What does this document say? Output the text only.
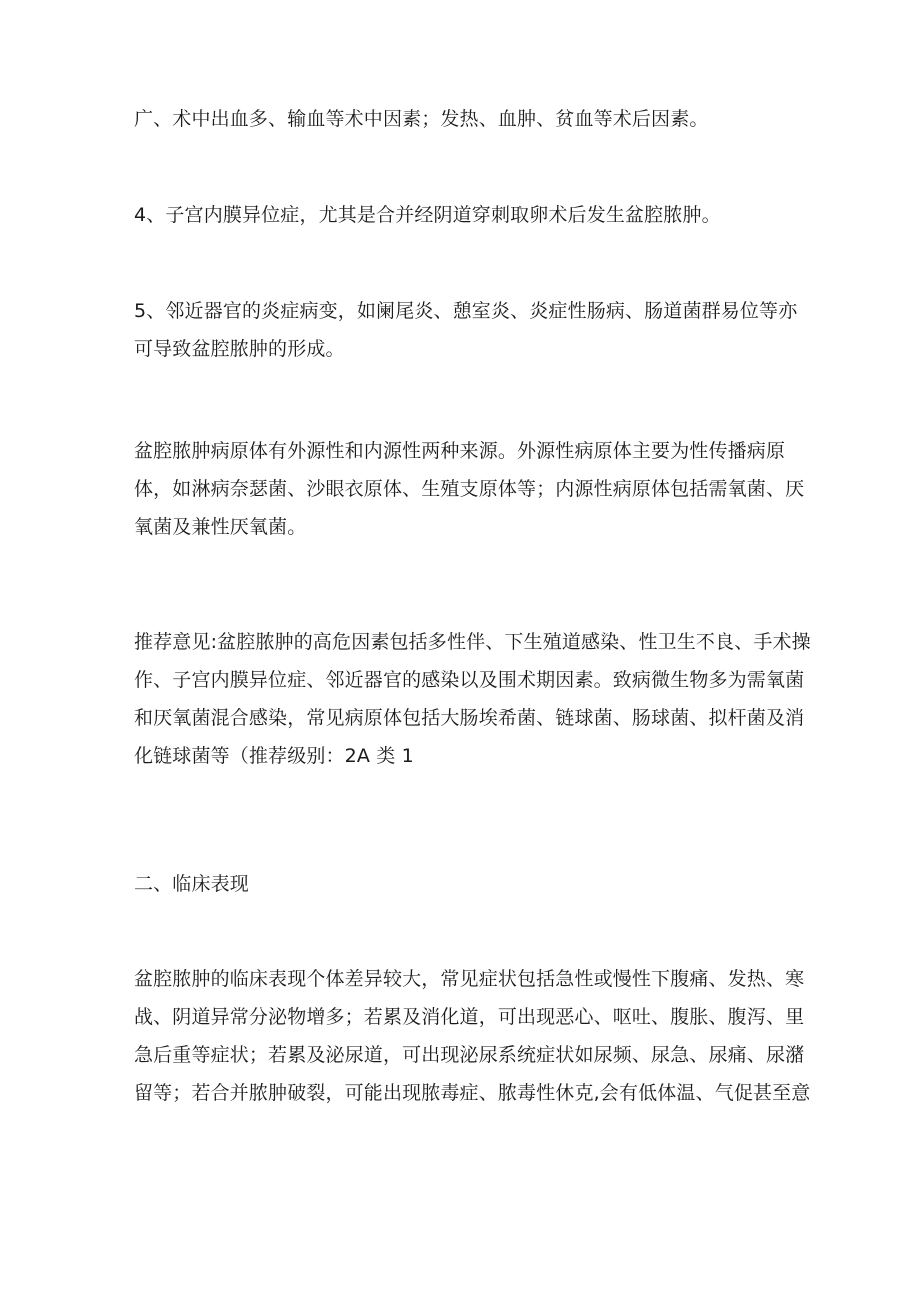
广、术中出血多、输血等术中因素；发热、血肿、贫血等术后因素。
4、子宫内膜异位症，尤其是合并经阴道穿刺取卵术后发生盆腔脓肿。
5、邻近器官的炎症病变，如阑尾炎、憩室炎、炎症性肠病、肠道菌群易位等亦
可导致盆腔脓肿的形成。
盆腔脓肿病原体有外源性和内源性两种来源。外源性病原体主要为性传播病原
体，如淋病奈瑟菌、沙眼衣原体、生殖支原体等；内源性病原体包括需氧菌、厌
氧菌及兼性厌氧菌。
推荐意见:盆腔脓肿的高危因素包括多性伴、下生殖道感染、性卫生不良、手术操
作、子宫内膜异位症、邻近器官的感染以及围术期因素。致病微生物多为需氧菌
和厌氧菌混合感染，常见病原体包括大肠埃希菌、链球菌、肠球菌、拟杆菌及消
化链球菌等（推荐级别：2A 类 1
二、临床表现
盆腔脓肿的临床表现个体差异较大，常见症状包括急性或慢性下腹痛、发热、寒
战、阴道异常分泌物增多；若累及消化道，可出现恶心、呕吐、腹胀、腹泻、里
急后重等症状；若累及泌尿道，可出现泌尿系统症状如尿频、尿急、尿痛、尿潴
留等；若合并脓肿破裂，可能出现脓毒症、脓毒性休克,会有低体温、气促甚至意
